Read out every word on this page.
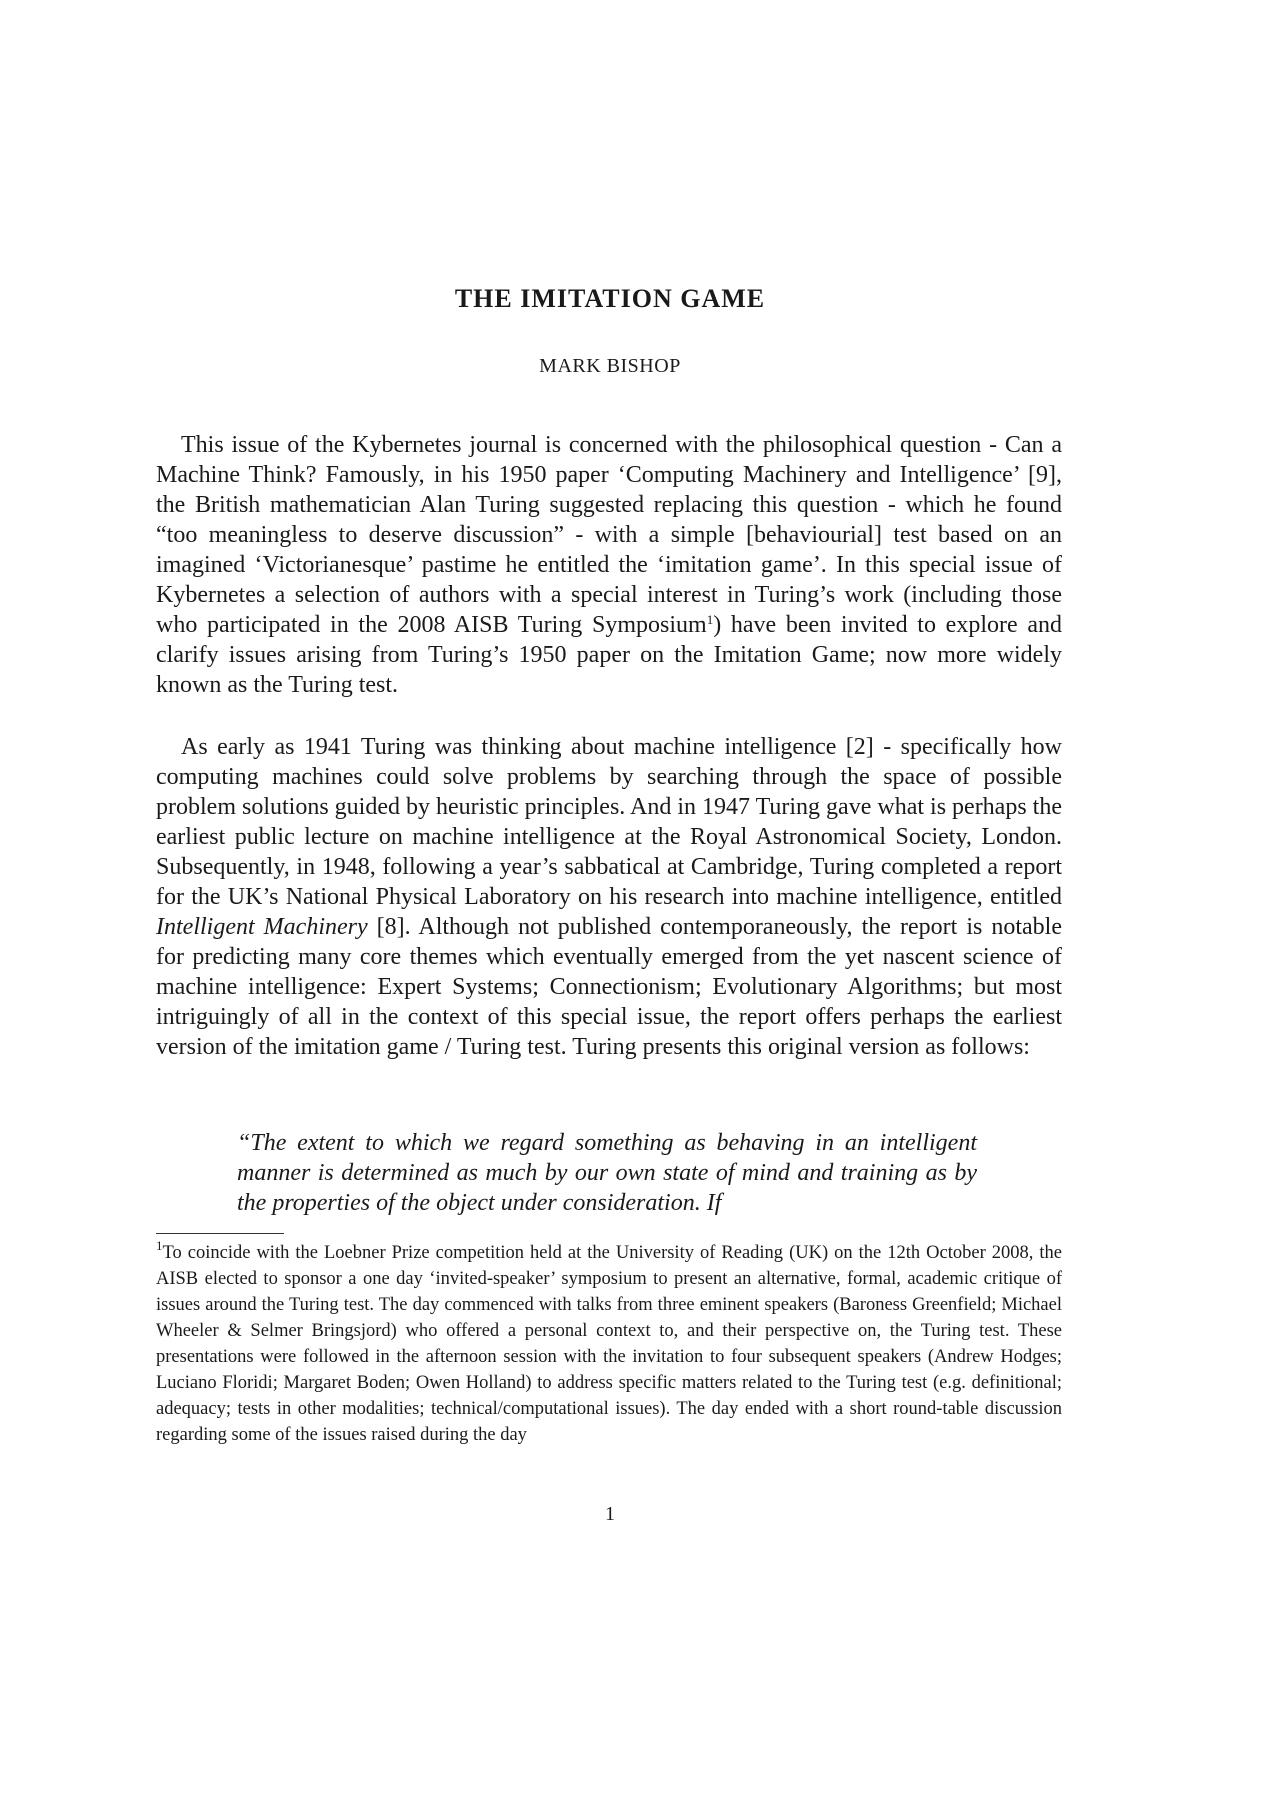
THE IMITATION GAME
MARK BISHOP
This issue of the Kybernetes journal is concerned with the philosophical question - Can a Machine Think? Famously, in his 1950 paper ‘Computing Machinery and Intelligence’ [9], the British mathematician Alan Turing suggested replacing this question - which he found “too meaningless to deserve discussion” - with a simple [behaviourial] test based on an imagined ‘Victorianesque’ pastime he entitled the ‘imitation game’. In this special issue of Kybernetes a selection of authors with a special interest in Turing’s work (including those who participated in the 2008 AISB Turing Symposium$^1$) have been invited to explore and clarify issues arising from Turing’s 1950 paper on the Imitation Game; now more widely known as the Turing test.
As early as 1941 Turing was thinking about machine intelligence [2] - specifically how computing machines could solve problems by searching through the space of possible problem solutions guided by heuristic principles. And in 1947 Turing gave what is perhaps the earliest public lecture on machine intelligence at the Royal Astronomical Society, London. Subsequently, in 1948, following a year’s sabbatical at Cambridge, Turing completed a report for the UK’s National Physical Laboratory on his research into machine intelligence, entitled Intelligent Machinery [8]. Although not published contemporaneously, the report is notable for predicting many core themes which eventually emerged from the yet nascent science of machine intelligence: Expert Systems; Connectionism; Evolutionary Algorithms; but most intriguingly of all in the context of this special issue, the report offers perhaps the earliest version of the imitation game / Turing test. Turing presents this original version as follows:
“The extent to which we regard something as behaving in an intelligent manner is determined as much by our own state of mind and training as by the properties of the object under consideration. If
$^1$To coincide with the Loebner Prize competition held at the University of Reading (UK) on the 12th October 2008, the AISB elected to sponsor a one day ‘invited-speaker’ symposium to present an alternative, formal, academic critique of issues around the Turing test. The day commenced with talks from three eminent speakers (Baroness Greenfield; Michael Wheeler & Selmer Bringsjord) who offered a personal context to, and their perspective on, the Turing test. These presentations were followed in the afternoon session with the invitation to four subsequent speakers (Andrew Hodges; Luciano Floridi; Margaret Boden; Owen Holland) to address specific matters related to the Turing test (e.g. definitional; adequacy; tests in other modalities; technical/computational issues). The day ended with a short round-table discussion regarding some of the issues raised during the day
1
